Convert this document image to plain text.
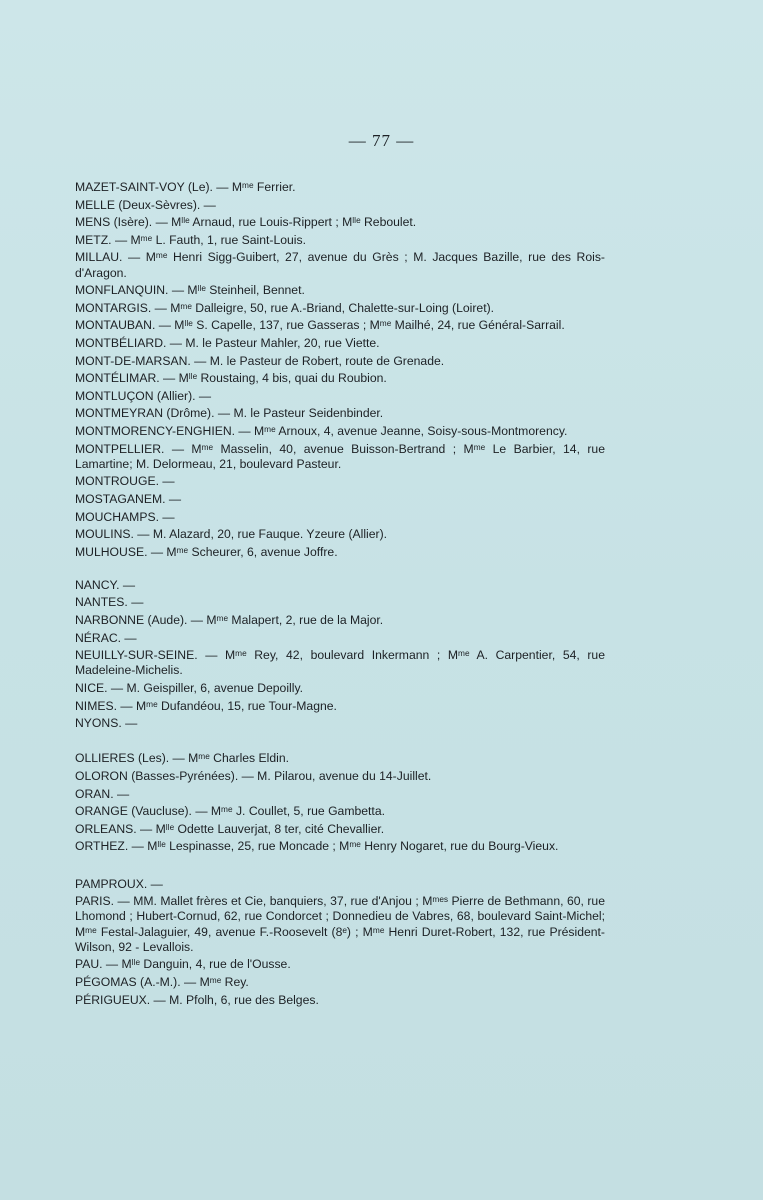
— 77 —
MAZET-SAINT-VOY (Le). — Mᵐᵉ Ferrier.
MELLE (Deux-Sèvres). —
MENS (Isère). — Mˡˡᵉ Arnaud, rue Louis-Rippert ; Mˡˡᵉ Reboulet.
METZ. — Mᵐᵉ L. Fauth, 1, rue Saint-Louis.
MILLAU. — Mᵐᵉ Henri Sigg-Guibert, 27, avenue du Grès ; M. Jacques Bazille, rue des Rois-d'Aragon.
MONFLANQUIN. — Mˡˡᵉ Steinheil, Bennet.
MONTARGIS. — Mᵐᵉ Dalleigre, 50, rue A.-Briand, Chalette-sur-Loing (Loiret).
MONTAUBAN. — Mˡˡᵉ S. Capelle, 137, rue Gasseras ; Mᵐᵉ Mailhé, 24, rue Général-Sarrail.
MONTBÉLIARD. — M. le Pasteur Mahler, 20, rue Viette.
MONT-DE-MARSAN. — M. le Pasteur de Robert, route de Grenade.
MONTÉLIMAR. — Mˡˡᵉ Roustaing, 4 bis, quai du Roubion.
MONTLUÇON (Allier). —
MONTMEYRAN (Drôme). — M. le Pasteur Seidenbinder.
MONTMORENCY-ENGHIEN. — Mᵐᵉ Arnoux, 4, avenue Jeanne, Soisy-sous-Montmorency.
MONTPELLIER. — Mᵐᵉ Masselin, 40, avenue Buisson-Bertrand ; Mᵐᵉ Le Barbier, 14, rue Lamartine; M. Delormeau, 21, boulevard Pasteur.
MONTROUGE. —
MOSTAGANEM. —
MOUCHAMPS. —
MOULINS. — M. Alazard, 20, rue Fauque. Yzeure (Allier).
MULHOUSE. — Mᵐᵉ Scheurer, 6, avenue Joffre.
NANCY. —
NANTES. —
NARBONNE (Aude). — Mᵐᵉ Malapert, 2, rue de la Major.
NÉRAC. —
NEUILLY-SUR-SEINE. — Mᵐᵉ Rey, 42, boulevard Inkermann ; Mᵐᵉ A. Carpentier, 54, rue Madeleine-Michelis.
NICE. — M. Geispiller, 6, avenue Depoilly.
NIMES. — Mᵐᵉ Dufandéou, 15, rue Tour-Magne.
NYONS. —
OLLIERES (Les). — Mᵐᵉ Charles Eldin.
OLORON (Basses-Pyrénées). — M. Pilarou, avenue du 14-Juillet.
ORAN. —
ORANGE (Vaucluse). — Mᵐᵉ J. Coullet, 5, rue Gambetta.
ORLEANS. — Mˡˡᵉ Odette Lauverjat, 8 ter, cité Chevallier.
ORTHEZ. — Mˡˡᵉ Lespinasse, 25, rue Moncade ; Mᵐᵉ Henry Nogaret, rue du Bourg-Vieux.
PAMPROUX. —
PARIS. — MM. Mallet frères et Cie, banquiers, 37, rue d'Anjou ; Mᵐᵉˢ Pierre de Bethmann, 60, rue Lhomond ; Hubert-Cornud, 62, rue Condorcet ; Donnedieu de Vabres, 68, boulevard Saint-Michel; Mᵐᵉ Festal-Jalaguier, 49, avenue F.-Roosevelt (8ᵉ) ; Mᵐᵉ Henri Duret-Robert, 132, rue Président-Wilson, 92 - Levallois.
PAU. — Mˡˡᵉ Danguin, 4, rue de l'Ousse.
PÉGOMAS (A.-M.). — Mᵐᵉ Rey.
PÉRIGUEUX. — M. Pfolh, 6, rue des Belges.
